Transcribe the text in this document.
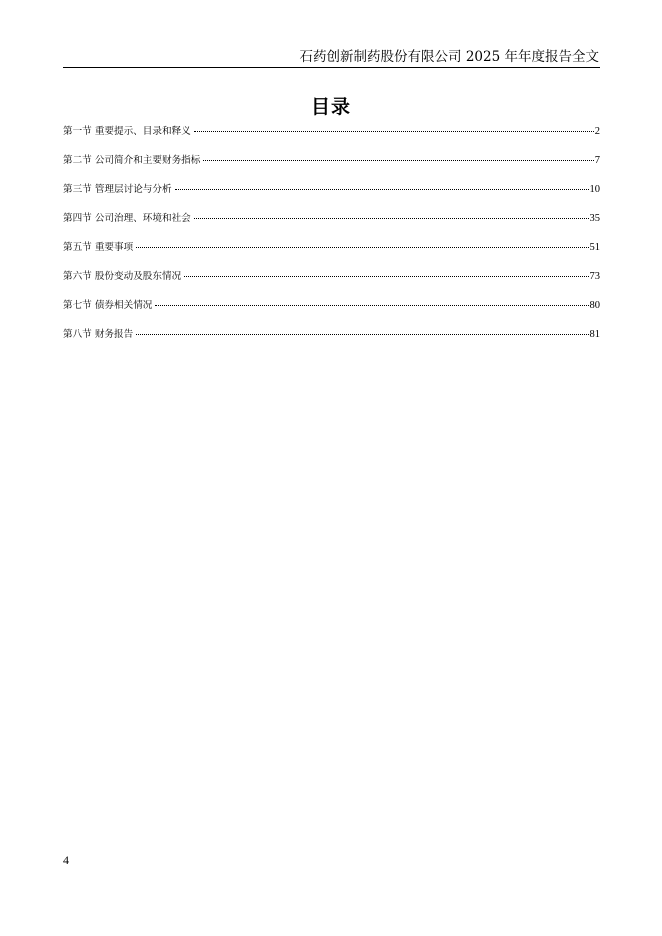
石药创新制药股份有限公司 2025 年年度报告全文
目录
第一节 重要提示、目录和释义	2
第二节 公司简介和主要财务指标	7
第三节 管理层讨论与分析	10
第四节 公司治理、环境和社会	35
第五节 重要事项	51
第六节 股份变动及股东情况	73
第七节 债券相关情况	80
第八节 财务报告	81
4
